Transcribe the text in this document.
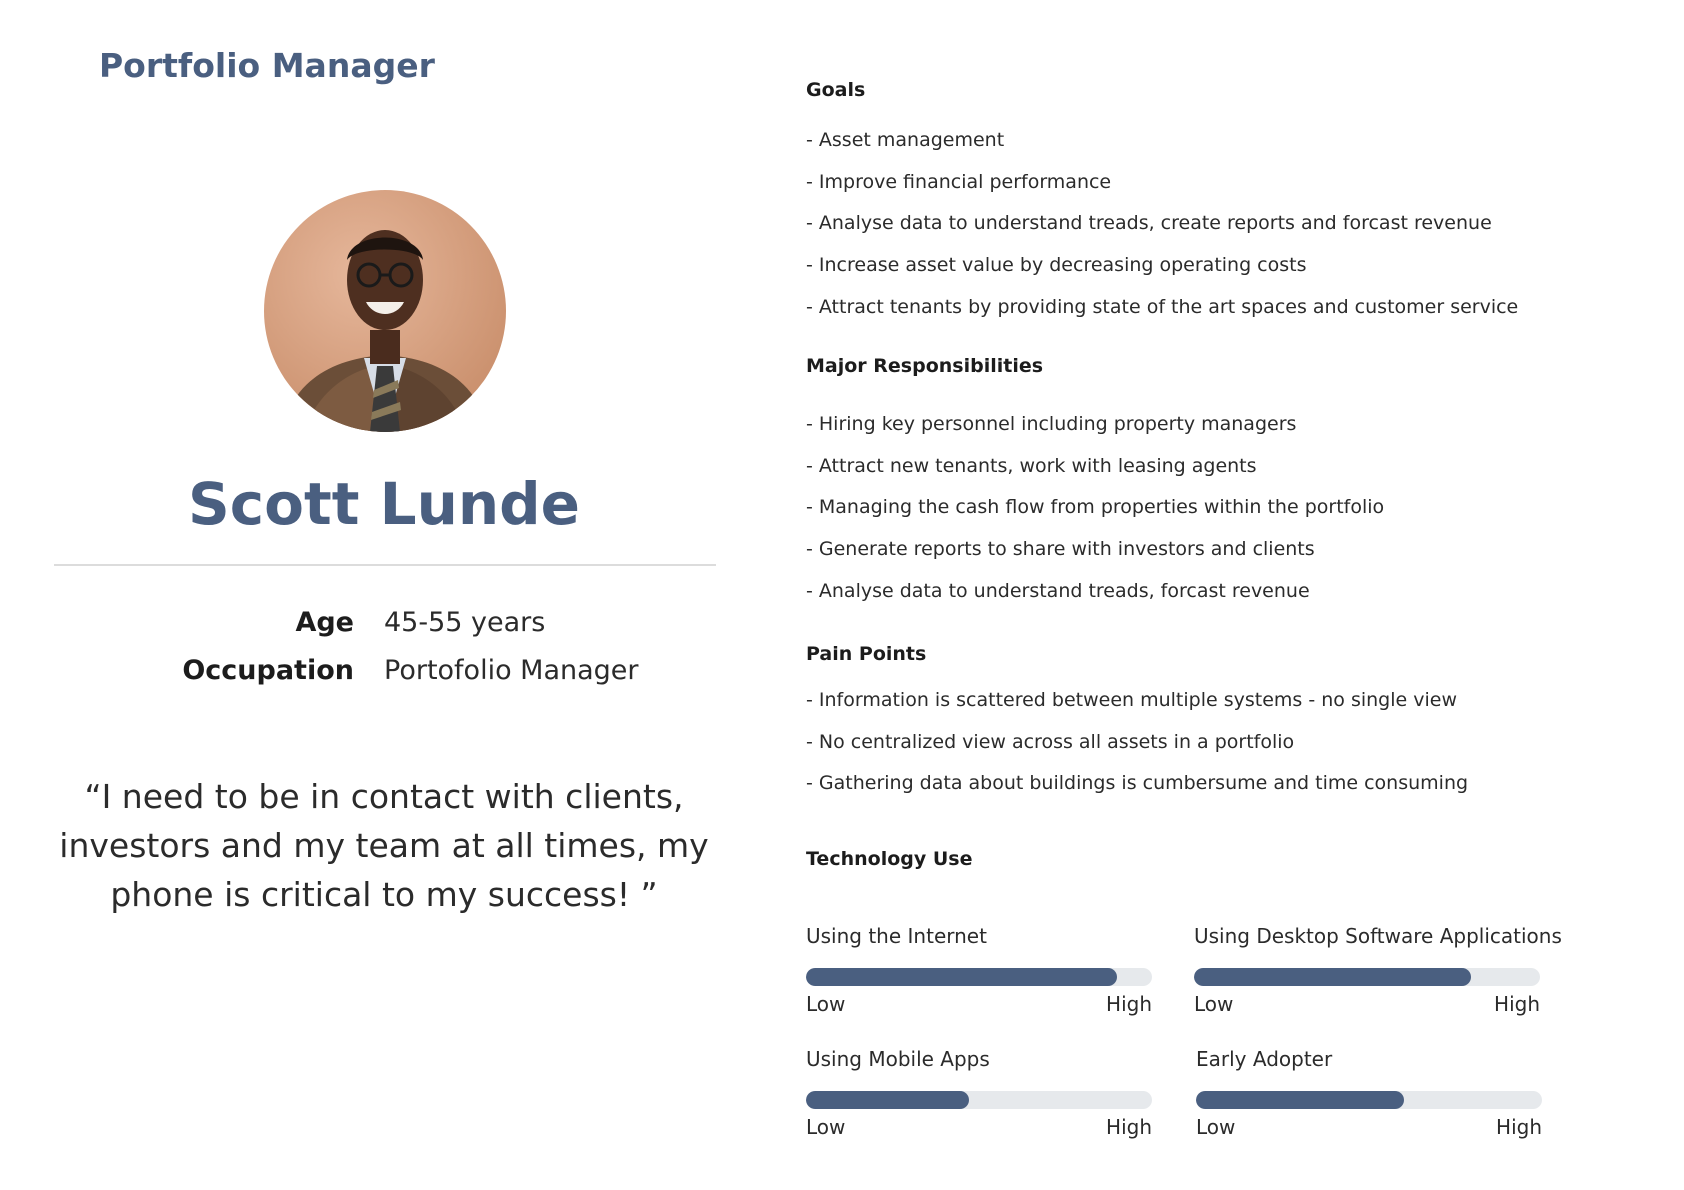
Portfolio Manager
Scott Lunde
Age 45-55 years
Occupation Portofolio Manager

“I need to be in contact with clients, investors and my team at all times, my phone is critical to my success! ”

Goals

- Asset management

- Improve financial performance

- Analyse data to understand treads, create reports and forcast revenue

- Increase asset value by decreasing operating costs

- Attract tenants by providing state of the art spaces and customer service

Major Responsibilities

- Hiring key personnel including property managers

- Attract new tenants, work with leasing agents

- Managing the cash flow from properties within the portfolio

- Generate reports to share with investors and clients

- Analyse data to understand treads, forcast revenue

Pain Points

- Information is scattered between multiple systems - no single view

- No centralized view across all assets in a portfolio

- Gathering data about buildings is cumbersume and time consuming

Technology Use
Using the Internet
Low	High
Using Desktop Software Applications
Low	High
Using Mobile Apps
Low	High
Early Adopter
Low	High
